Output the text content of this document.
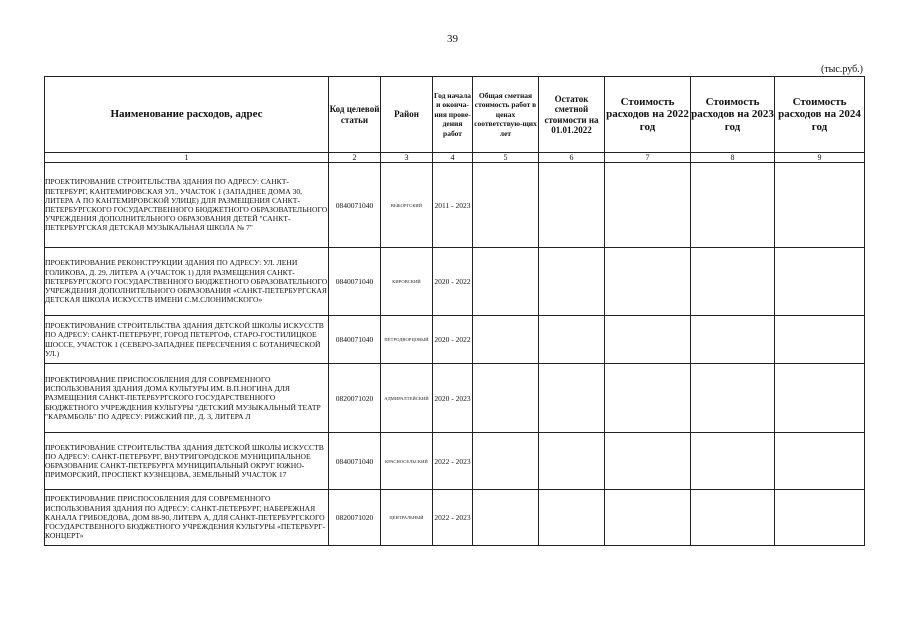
39
(тыс.руб.)
Наименование расходов, адрес	Код целевой статьи	Район	Год начала и оконча-ния прове-дения работ	Общая сметная стоимость работ в ценах соответствую-щих лет	Остаток сметной стоимости на 01.01.2022	Стоимость расходов на 2022 год	Стоимость расходов на 2023 год	Стоимость расходов на 2024 год
1	2	3	4	5	6	7	8	9
ПРОЕКТИРОВАНИЕ СТРОИТЕЛЬСТВА ЗДАНИЯ ПО АДРЕСУ: САНКТ-ПЕТЕРБУРГ, КАНТЕМИРОВСКАЯ УЛ., УЧАСТОК 1 (ЗАПАДНЕЕ ДОМА 30, ЛИТЕРА А ПО КАНТЕМИРОВСКОЙ УЛИЦЕ) ДЛЯ РАЗМЕЩЕНИЯ САНКТ-ПЕТЕРБУРГСКОГО ГОСУДАРСТВЕННОГО БЮДЖЕТНОГО ОБРАЗОВАТЕЛЬНОГО УЧРЕЖДЕНИЯ ДОПОЛНИТЕЛЬНОГО ОБРАЗОВАНИЯ ДЕТЕЙ "САНКТ-ПЕТЕРБУРГСКАЯ ДЕТСКАЯ МУЗЫКАЛЬНАЯ ШКОЛА № 7"	0840071040	ВЫБОРГСКИЙ	2011 - 2023					
ПРОЕКТИРОВАНИЕ РЕКОНСТРУКЦИИ ЗДАНИЯ ПО АДРЕСУ: УЛ. ЛЕНИ ГОЛИКОВА, Д. 29, ЛИТЕРА А (УЧАСТОК 1) ДЛЯ РАЗМЕЩЕНИЯ САНКТ-ПЕТЕРБУРГСКОГО ГОСУДАРСТВЕННОГО БЮДЖЕТНОГО ОБРАЗОВАТЕЛЬНОГО УЧРЕЖДЕНИЯ ДОПОЛНИТЕЛЬНОГО ОБРАЗОВАНИЯ «САНКТ-ПЕТЕРБУРГСКАЯ ДЕТСКАЯ ШКОЛА ИСКУССТВ ИМЕНИ С.М.СЛОНИМСКОГО»	0840071040	КИРОВСКИЙ	2020 - 2022					
ПРОЕКТИРОВАНИЕ СТРОИТЕЛЬСТВА ЗДАНИЯ ДЕТСКОЙ ШКОЛЫ ИСКУССТВ ПО АДРЕСУ: САНКТ-ПЕТЕРБУРГ, ГОРОД ПЕТЕРГОФ, СТАРО-ГОСТИЛИЦКОЕ ШОССЕ, УЧАСТОК 1 (СЕВЕРО-ЗАПАДНЕЕ ПЕРЕСЕЧЕНИЯ С БОТАНИЧЕСКОЙ УЛ.)	0840071040	ПЕТРОДВОРЦОВЫЙ	2020 - 2022					
ПРОЕКТИРОВАНИЕ ПРИСПОСОБЛЕНИЯ ДЛЯ СОВРЕМЕННОГО ИСПОЛЬЗОВАНИЯ ЗДАНИЯ ДОМА КУЛЬТУРЫ ИМ. В.П.НОГИНА ДЛЯ РАЗМЕЩЕНИЯ САНКТ-ПЕТЕРБУРГСКОГО ГОСУДАРСТВЕННОГО БЮДЖЕТНОГО УЧРЕЖДЕНИЯ КУЛЬТУРЫ "ДЕТСКИЙ МУЗЫКАЛЬНЫЙ ТЕАТР "КАРАМБОЛЬ" ПО АДРЕСУ: РИЖСКИЙ ПР., Д. 3, ЛИТЕРА Л	0820071020	АДМИРАЛТЕЙСКИЙ	2020 - 2023					
ПРОЕКТИРОВАНИЕ СТРОИТЕЛЬСТВА ЗДАНИЯ ДЕТСКОЙ ШКОЛЫ ИСКУССТВ ПО АДРЕСУ: САНКТ-ПЕТЕРБУРГ, ВНУТРИГОРОДСКОЕ МУНИЦИПАЛЬНОЕ ОБРАЗОВАНИЕ САНКТ-ПЕТЕРБУРГА МУНИЦИПАЛЬНЫЙ ОКРУГ ЮЖНО-ПРИМОРСКИЙ, ПРОСПЕКТ КУЗНЕЦОВА, ЗЕМЕЛЬНЫЙ УЧАСТОК 17	0840071040	КРАСНОСЕЛЬСКИЙ	2022 - 2023					
ПРОЕКТИРОВАНИЕ ПРИСПОСОБЛЕНИЯ ДЛЯ СОВРЕМЕННОГО ИСПОЛЬЗОВАНИЯ ЗДАНИЯ ПО АДРЕСУ: САНКТ-ПЕТЕРБУРГ, НАБЕРЕЖНАЯ КАНАЛА ГРИБОЕДОВА, ДОМ 88-90, ЛИТЕРА А, ДЛЯ САНКТ-ПЕТЕРБУРГСКОГО ГОСУДАРСТВЕННОГО БЮДЖЕТНОГО УЧРЕЖДЕНИЯ КУЛЬТУРЫ «ПЕТЕРБУРГ-КОНЦЕРТ»	0820071020	ЦЕНТРАЛЬНЫЙ	2022 - 2023					
